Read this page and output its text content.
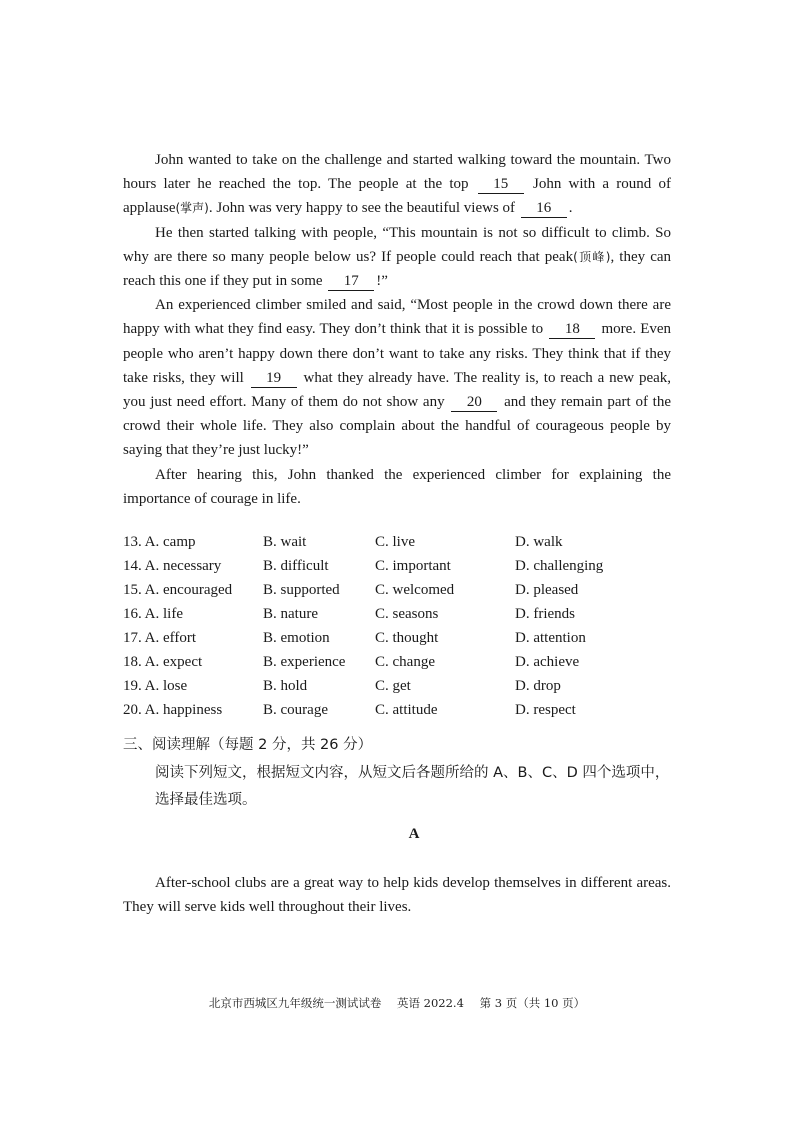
John wanted to take on the challenge and started walking toward the mountain. Two hours later he reached the top. The people at the top 15 John with a round of applause(掌声). John was very happy to see the beautiful views of 16 .

He then started talking with people, “This mountain is not so difficult to climb. So why are there so many people below us? If people could reach that peak(顶峰), they can reach this one if they put in some 17 !”

An experienced climber smiled and said, “Most people in the crowd down there are happy with what they find easy. They don’t think that it is possible to 18 more. Even people who aren’t happy down there don’t want to take any risks. They think that if they take risks, they will 19 what they already have. The reality is, to reach a new peak, you just need effort. Many of them do not show any 20 and they remain part of the crowd their whole life. They also complain about the handful of courageous people by saying that they’re just lucky!”

After hearing this, John thanked the experienced climber for explaining the importance of courage in life.

13. A. camp	B. wait	C. live	D. walk
14. A. necessary	B. difficult	C. important	D. challenging
15. A. encouraged B. supported C. welcomed	D. pleased
16. A. life	B. nature	C. seasons	D. friends
17. A. effort	B. emotion	C. thought	D. attention
18. A. expect	B. experience C. change	D. achieve
19. A. lose	B. hold	C. get	D. drop
20. A. happiness	B. courage	C. attitude	D. respect
三、阅读理解（每题 2 分，共 26 分）
阅读下列短文，根据短文内容，从短文后各题所给的 A、B、C、D 四个选项中，选择最佳选项。
A

After-school clubs are a great way to help kids develop themselves in different areas. They will serve kids well throughout their lives.

北京市西城区九年级统一测试试卷 英语 2022.4 第 3 页（共 10 页）
